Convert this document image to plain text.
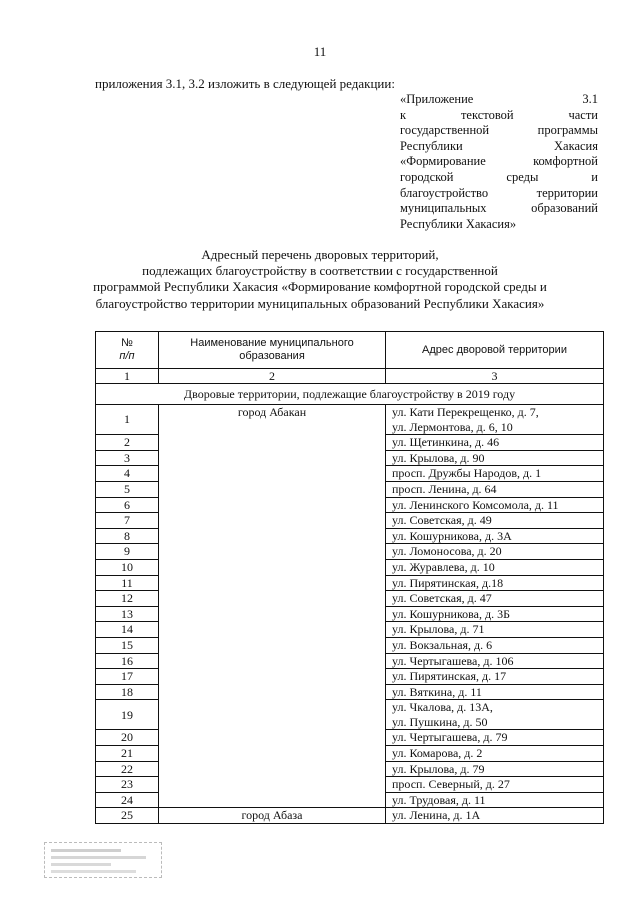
11
приложения 3.1, 3.2 изложить в следующей редакции:
«Приложение 3.1
к текстовой части
государственной программы
Республики Хакасия
«Формирование комфортной
городской среды и
благоустройство территории
муниципальных образований
Республики Хакасия»
Адресный перечень дворовых территорий,
подлежащих благоустройству в соответствии с государственной
программой Республики Хакасия «Формирование комфортной городской среды и
благоустройство территории муниципальных образований Республики Хакасия»
№
п/п	Наименование муниципального образования	Адрес дворовой территории
1	2	3
Дворовые территории, подлежащие благоустройству в 2019 году		
1	город Абакан	ул. Кати Перекрещенко, д. 7,
ул. Лермонтова, д. 6, 10

2		ул. Щетинкина, д. 46

3		ул. Крылова, д. 90

4		просп. Дружбы Народов, д. 1

5		просп. Ленина, д. 64

6		ул. Ленинского Комсомола, д. 11

7		ул. Советская, д. 49

8		ул. Кошурникова, д. 3А

9		ул. Ломоносова, д. 20

10		ул. Журавлева, д. 10

11		ул. Пирятинская, д.18

12		ул. Советская, д. 47

13		ул. Кошурникова, д. 3Б

14		ул. Крылова, д. 71

15		ул. Вокзальная, д. 6

16		ул. Чертыгашева, д. 106

17		ул. Пирятинская, д. 17

18		ул. Вяткина, д. 11

19		ул. Чкалова, д. 13А,
ул. Пушкина, д. 50

20		ул. Чертыгашева, д. 79

21		ул. Комарова, д. 2

22		ул. Крылова, д. 79

23		просп. Северный, д. 27

24		ул. Трудовая, д. 11

25	город Абаза	ул. Ленина, д. 1А
